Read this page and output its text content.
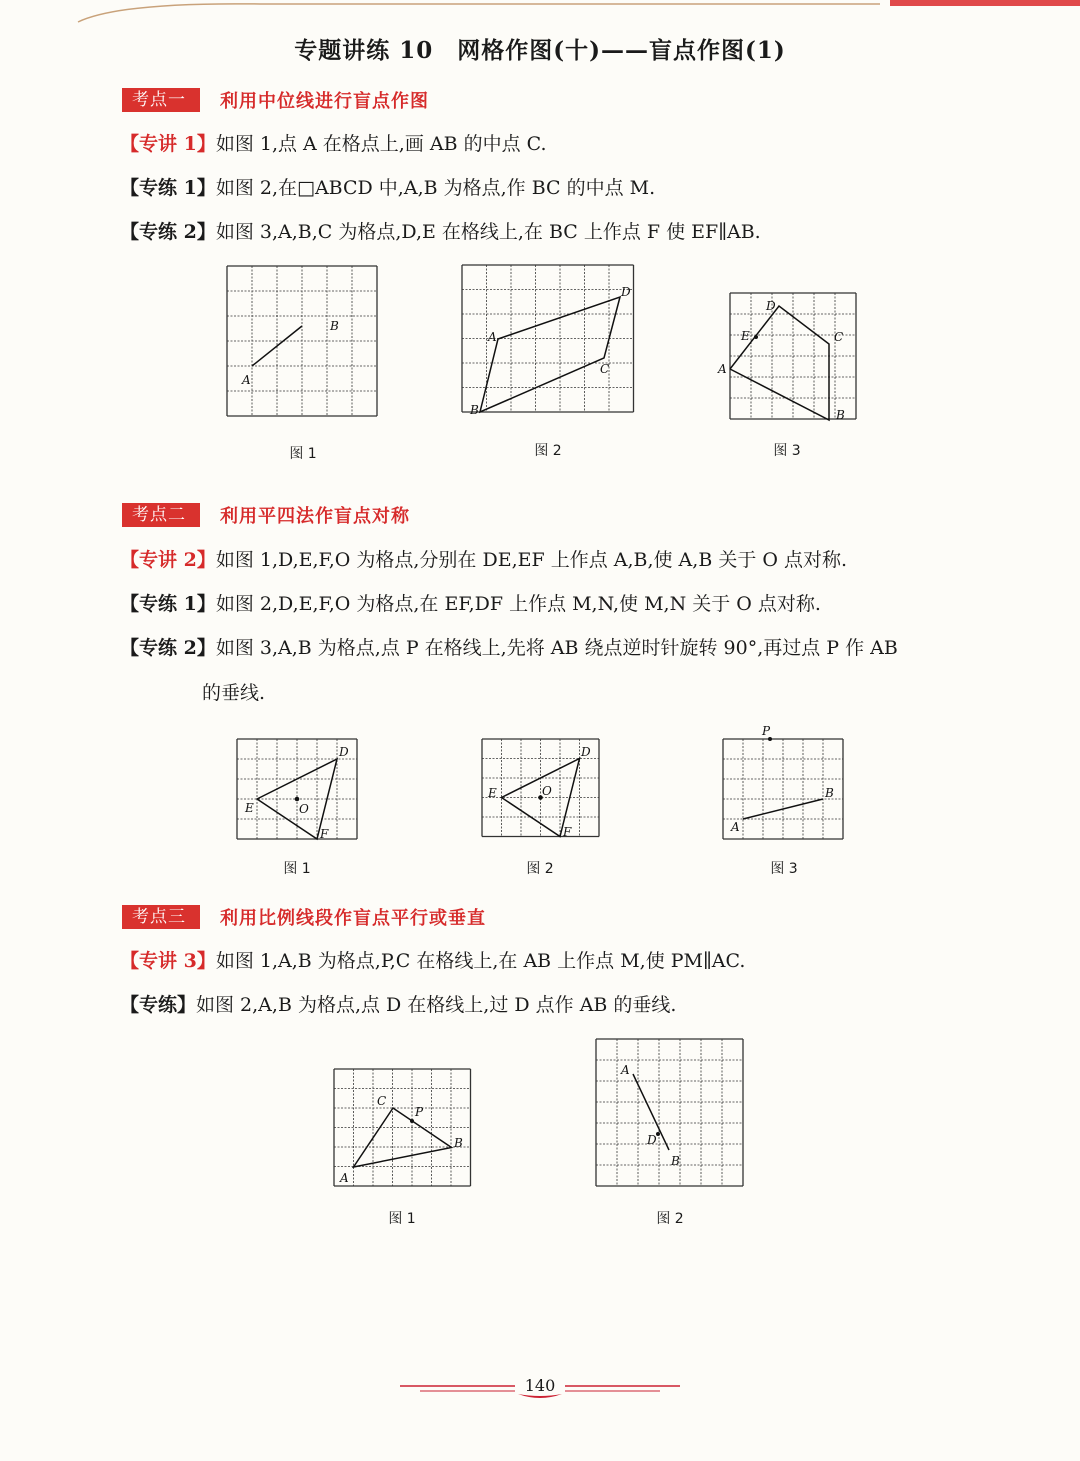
专题讲练 10　网格作图(十)——盲点作图(1)
考点一	利用中位线进行盲点作图
【专讲 1】如图 1,点 A 在格点上,画 AB 的中点 C.
【专练 1】如图 2,在□ABCD 中,A,B 为格点,作 BC 的中点 M.
【专练 2】如图 3,A,B,C 为格点,D,E 在格线上,在 BC 上作点 F 使 EF∥AB.
A
B
图 1
A
B
C
D
图 2
D
E	C
A
B
图 3
考点二	利用平四法作盲点对称
【专讲 2】如图 1,D,E,F,O 为格点,分别在 DE,EF 上作点 A,B,使 A,B 关于 O 点对称.
【专练 1】如图 2,D,E,F,O 为格点,在 EF,DF 上作点 M,N,使 M,N 关于 O 点对称.
【专练 2】如图 3,A,B 为格点,点 P 在格线上,先将 AB 绕点逆时针旋转 90°,再过点 P 作 AB
的垂线.
D
E
F
O
图 1
D
E
F
O
图 2
P
A
B
图 3
考点三	利用比例线段作盲点平行或垂直
【专讲 3】如图 1,A,B 为格点,P,C 在格线上,在 AB 上作点 M,使 PM∥AC.
【专练】如图 2,A,B 为格点,点 D 在格线上,过 D 点作 AB 的垂线.
C
P
B
A
图 1
A
D
B
图 2
140
